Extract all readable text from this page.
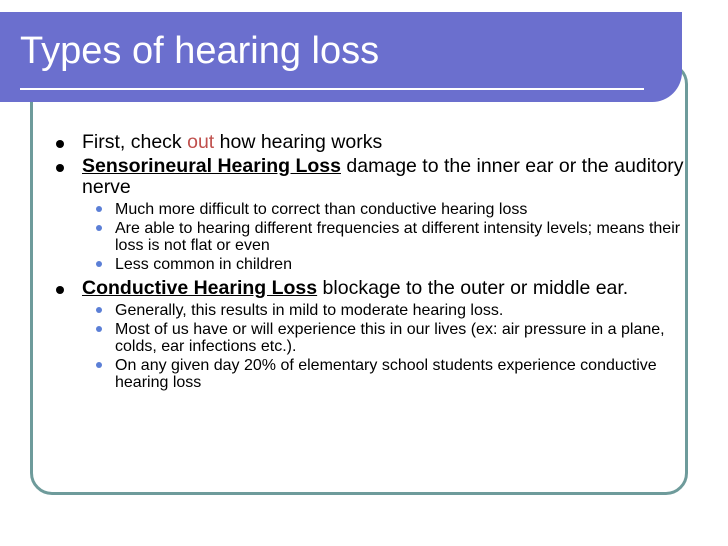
Types of hearing loss
First, check out how hearing works
Sensorineural Hearing Loss damage to the inner ear or the auditory nerve
Much more difficult to correct than conductive hearing loss
Are able to hearing different frequencies at different intensity levels; means their loss is not flat or even
Less common in children
Conductive Hearing Loss blockage to the outer or middle ear.
Generally, this results in mild to moderate hearing loss.
Most of us have or will experience this in our lives (ex: air pressure in a plane, colds, ear infections etc.).
On any given day 20% of elementary school students experience conductive hearing loss
